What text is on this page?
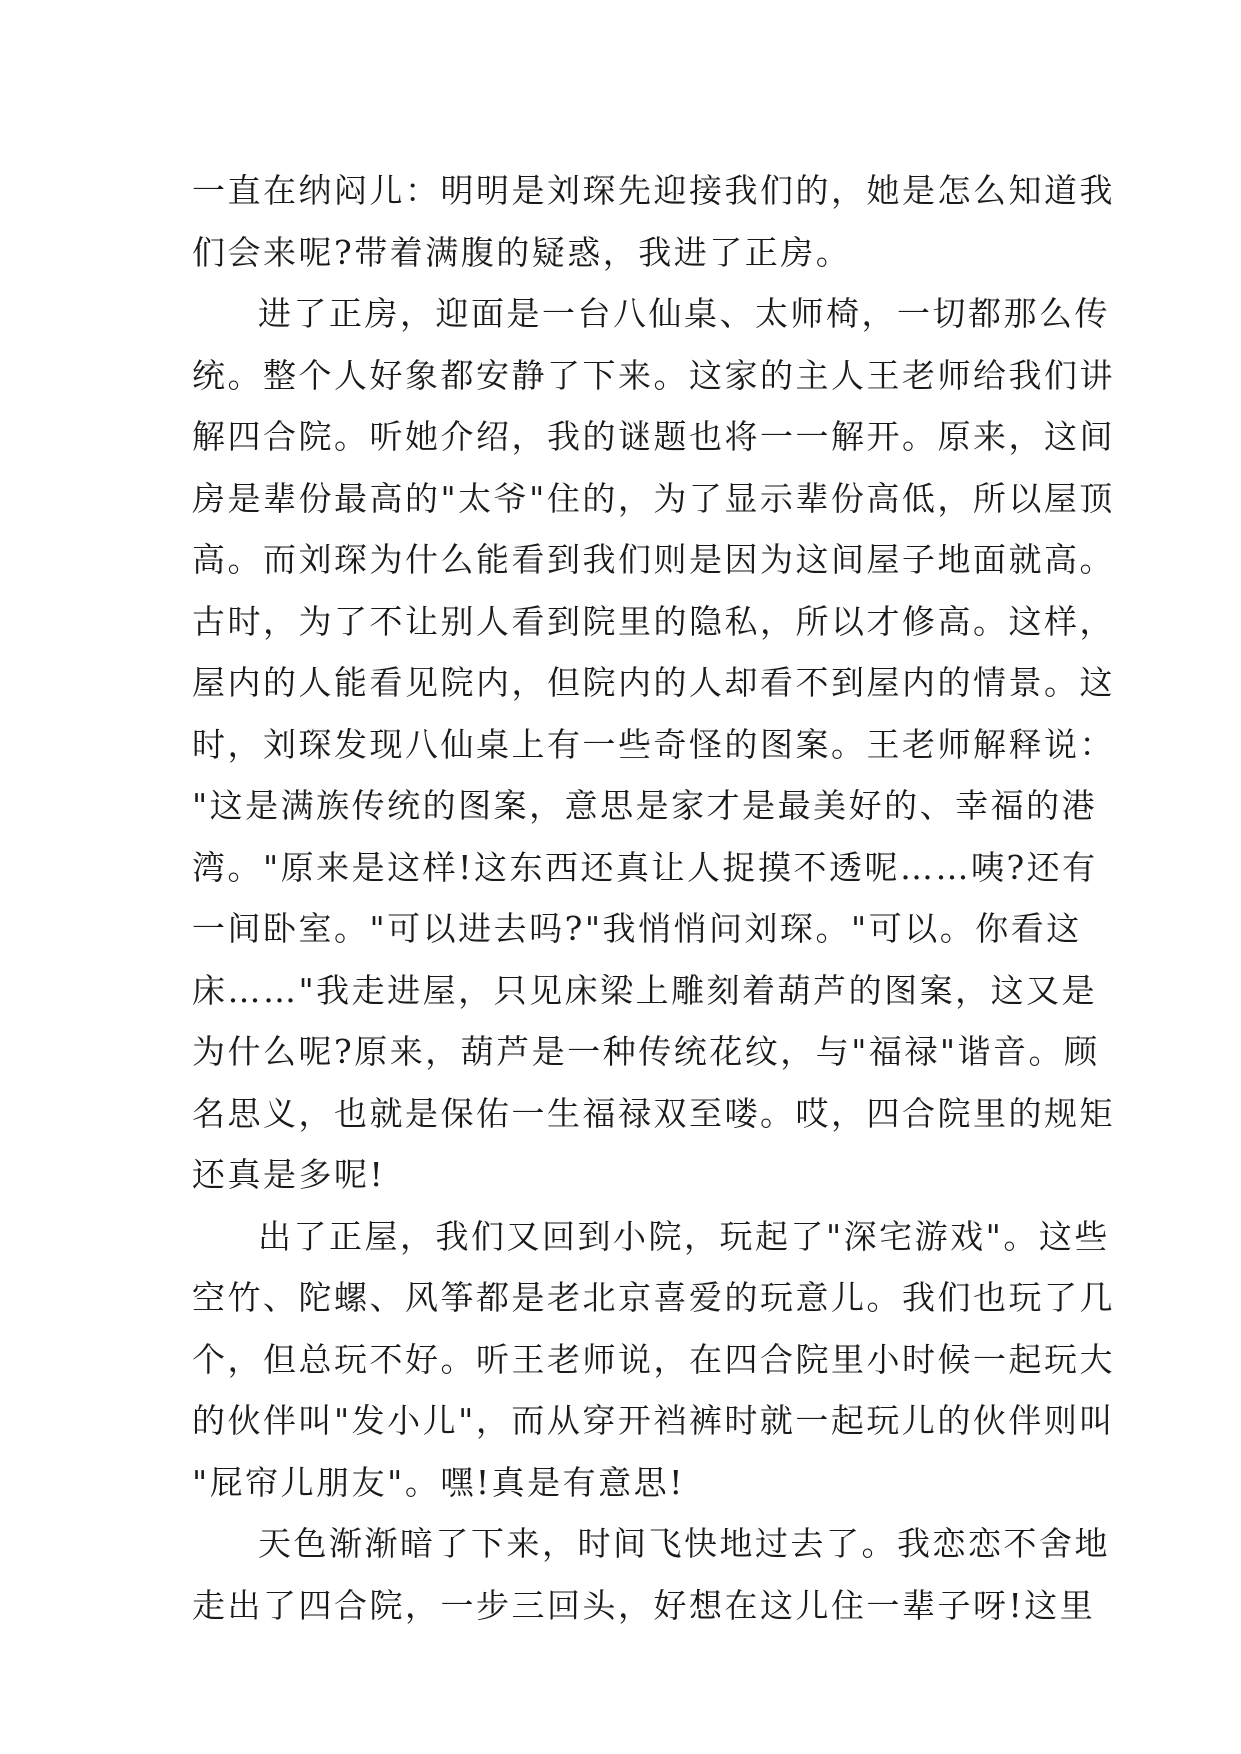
一直在纳闷儿：明明是刘琛先迎接我们的，她是怎么知道我
们会来呢?带着满腹的疑惑，我进了正房。
进了正房，迎面是一台八仙桌、太师椅，一切都那么传
统。整个人好象都安静了下来。这家的主人王老师给我们讲
解四合院。听她介绍，我的谜题也将一一解开。原来，这间
房是辈份最高的"太爷"住的，为了显示辈份高低，所以屋顶
高。而刘琛为什么能看到我们则是因为这间屋子地面就高。
古时，为了不让别人看到院里的隐私，所以才修高。这样，
屋内的人能看见院内，但院内的人却看不到屋内的情景。这
时，刘琛发现八仙桌上有一些奇怪的图案。王老师解释说：
"这是满族传统的图案，意思是家才是最美好的、幸福的港
湾。"原来是这样!这东西还真让人捉摸不透呢……咦?还有
一间卧室。"可以进去吗?"我悄悄问刘琛。"可以。你看这
床……"我走进屋，只见床梁上雕刻着葫芦的图案，这又是
为什么呢?原来，葫芦是一种传统花纹，与"福禄"谐音。顾
名思义，也就是保佑一生福禄双至喽。哎，四合院里的规矩
还真是多呢!
出了正屋，我们又回到小院，玩起了"深宅游戏"。这些
空竹、陀螺、风筝都是老北京喜爱的玩意儿。我们也玩了几
个，但总玩不好。听王老师说，在四合院里小时候一起玩大
的伙伴叫"发小儿"，而从穿开裆裤时就一起玩儿的伙伴则叫
"屁帘儿朋友"。嘿!真是有意思!
天色渐渐暗了下来，时间飞快地过去了。我恋恋不舍地
走出了四合院，一步三回头，好想在这儿住一辈子呀!这里
